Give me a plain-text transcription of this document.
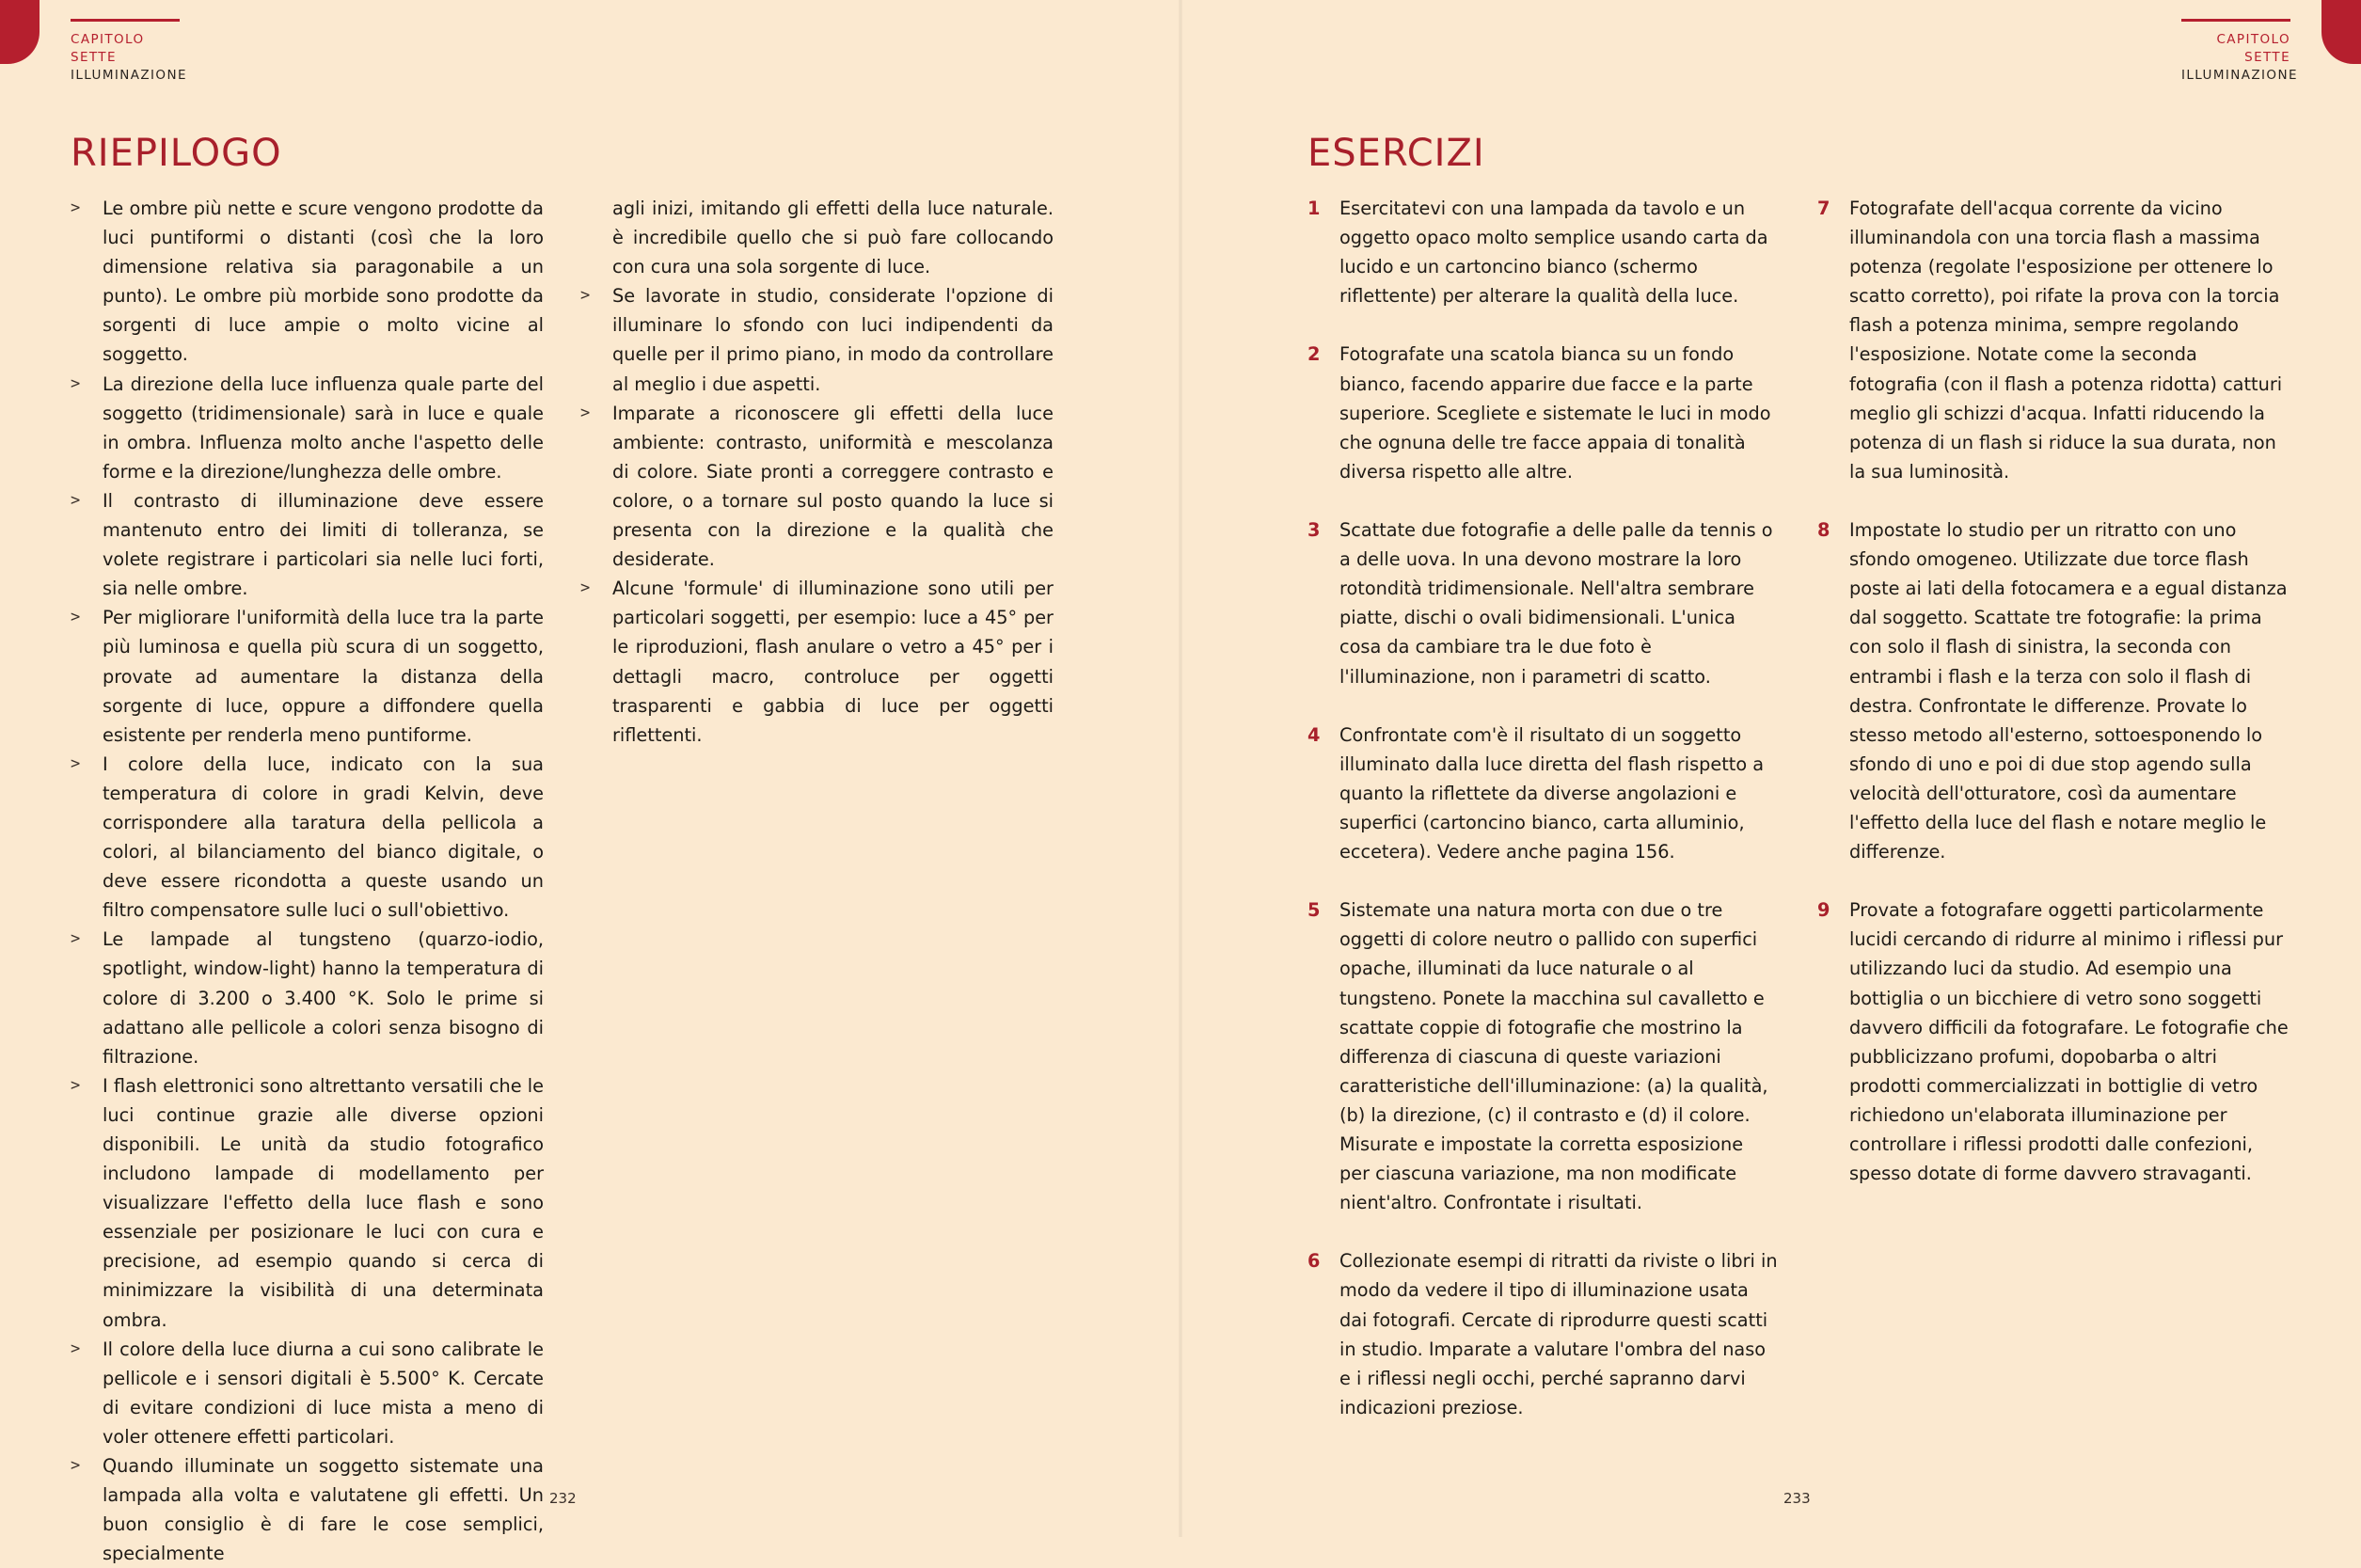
CAPITOLO SETTE
ILLUMINAZIONE
RIEPILOGO
> Le ombre più nette e scure vengono prodotte da luci puntiformi o distanti (così che la loro dimensione relativa sia paragonabile a un punto). Le ombre più morbide sono prodotte da sorgenti di luce ampie o molto vicine al soggetto.
> La direzione della luce influenza quale parte del soggetto (tridimensionale) sarà in luce e quale in ombra. Influenza molto anche l'aspetto delle forme e la direzione/lunghezza delle ombre.
> Il contrasto di illuminazione deve essere mantenuto entro dei limiti di tolleranza, se volete registrare i particolari sia nelle luci forti, sia nelle ombre.
> Per migliorare l'uniformità della luce tra la parte più luminosa e quella più scura di un soggetto, provate ad aumentare la distanza della sorgente di luce, oppure a diffondere quella esistente per renderla meno puntiforme.
> I colore della luce, indicato con la sua temperatura di colore in gradi Kelvin, deve corrispondere alla taratura della pellicola a colori, al bilanciamento del bianco digitale, o deve essere ricondotta a queste usando un filtro compensatore sulle luci o sull'obiettivo.
> Le lampade al tungsteno (quarzo-iodio, spotlight, window-light) hanno la temperatura di colore di 3.200 o 3.400 °K. Solo le prime si adattano alle pellicole a colori senza bisogno di filtrazione.
> I flash elettronici sono altrettanto versatili che le luci continue grazie alle diverse opzioni disponibili. Le unità da studio fotografico includono lampade di modellamento per visualizzare l'effetto della luce flash e sono essenziale per posizionare le luci con cura e precisione, ad esempio quando si cerca di minimizzare la visibilità di una determinata ombra.
> Il colore della luce diurna a cui sono calibrate le pellicole e i sensori digitali è 5.500° K. Cercate di evitare condizioni di luce mista a meno di voler ottenere effetti particolari.
> Quando illuminate un soggetto sistemate una lampada alla volta e valutatene gli effetti. Un buon consiglio è di fare le cose semplici, specialmente

agli inizi, imitando gli effetti della luce naturale. è incredibile quello che si può fare collocando con cura una sola sorgente di luce.

> Se lavorate in studio, considerate l'opzione di illuminare lo sfondo con luci indipendenti da quelle per il primo piano, in modo da controllare al meglio i due aspetti.
> Imparate a riconoscere gli effetti della luce ambiente: contrasto, uniformità e mescolanza di colore. Siate pronti a correggere contrasto e colore, o a tornare sul posto quando la luce si presenta con la direzione e la qualità che desiderate.
> Alcune 'formule' di illuminazione sono utili per particolari soggetti, per esempio: luce a 45° per le riproduzioni, flash anulare o vetro a 45° per i dettagli macro, controluce per oggetti trasparenti e gabbia di luce per oggetti riflettenti.
232
CAPITOLO SETTE
ILLUMINAZIONE
ESERCIZI
1 Esercitatevi con una lampada da tavolo e un oggetto opaco molto semplice usando carta da lucido e un cartoncino bianco (schermo riflettente) per alterare la qualità della luce.
2 Fotografate una scatola bianca su un fondo bianco, facendo apparire due facce e la parte superiore. Scegliete e sistemate le luci in modo che ognuna delle tre facce appaia di tonalità diversa rispetto alle altre.
3 Scattate due fotografie a delle palle da tennis o a delle uova. In una devono mostrare la loro rotondità tridimensionale. Nell'altra sembrare piatte, dischi o ovali bidimensionali. L'unica cosa da cambiare tra le due foto è l'illuminazione, non i parametri di scatto.
4 Confrontate com'è il risultato di un soggetto illuminato dalla luce diretta del flash rispetto a quanto la riflettete da diverse angolazioni e superfici (cartoncino bianco, carta alluminio, eccetera). Vedere anche pagina 156.
5 Sistemate una natura morta con due o tre oggetti di colore neutro o pallido con superfici opache, illuminati da luce naturale o al tungsteno. Ponete la macchina sul cavalletto e scattate coppie di fotografie che mostrino la differenza di ciascuna di queste variazioni caratteristiche dell'illuminazione: (a) la qualità, (b) la direzione, (c) il contrasto e (d) il colore. Misurate e impostate la corretta esposizione per ciascuna variazione, ma non modificate nient'altro. Confrontate i risultati.
6 Collezionate esempi di ritratti da riviste o libri in modo da vedere il tipo di illuminazione usata dai fotografi. Cercate di riprodurre questi scatti in studio. Imparate a valutare l'ombra del naso e i riflessi negli occhi, perché sapranno darvi indicazioni preziose.
7 Fotografate dell'acqua corrente da vicino illuminandola con una torcia flash a massima potenza (regolate l'esposizione per ottenere lo scatto corretto), poi rifate la prova con la torcia flash a potenza minima, sempre regolando l'esposizione. Notate come la seconda fotografia (con il flash a potenza ridotta) catturi meglio gli schizzi d'acqua. Infatti riducendo la potenza di un flash si riduce la sua durata, non la sua luminosità.
8 Impostate lo studio per un ritratto con uno sfondo omogeneo. Utilizzate due torce flash poste ai lati della fotocamera e a egual distanza dal soggetto. Scattate tre fotografie: la prima con solo il flash di sinistra, la seconda con entrambi i flash e la terza con solo il flash di destra. Confrontate le differenze. Provate lo stesso metodo all'esterno, sottoesponendo lo sfondo di uno e poi di due stop agendo sulla velocità dell'otturatore, così da aumentare l'effetto della luce del flash e notare meglio le differenze.
9 Provate a fotografare oggetti particolarmente lucidi cercando di ridurre al minimo i riflessi pur utilizzando luci da studio. Ad esempio una bottiglia o un bicchiere di vetro sono soggetti davvero difficili da fotografare. Le fotografie che pubblicizzano profumi, dopobarba o altri prodotti commercializzati in bottiglie di vetro richiedono un'elaborata illuminazione per controllare i riflessi prodotti dalle confezioni, spesso dotate di forme davvero stravaganti.
233
